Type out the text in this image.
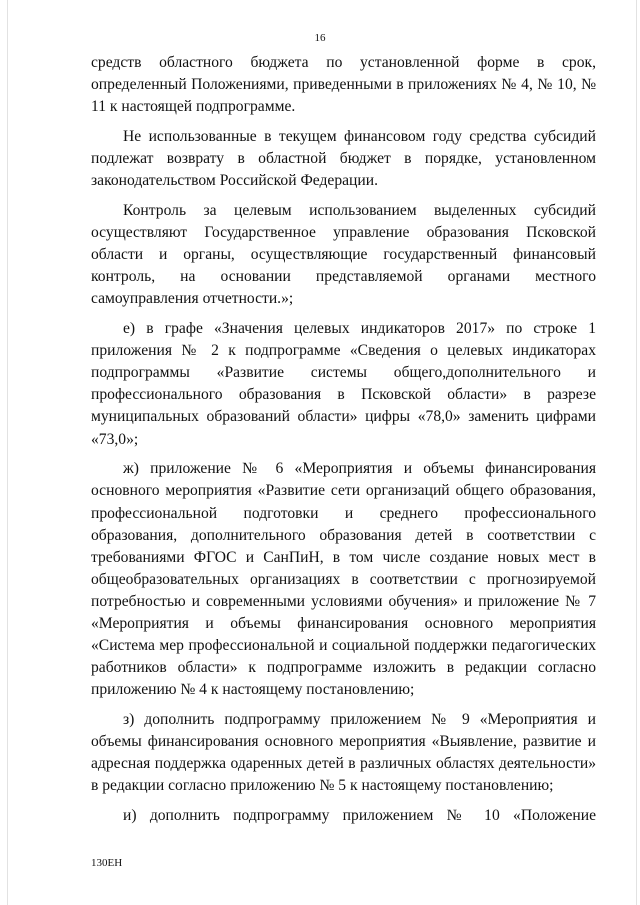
16

средств областного бюджета по установленной форме в срок, определенный Положениями, приведенными в приложениях № 4, № 10, № 11 к настоящей подпрограмме.

Не использованные в текущем финансовом году средства субсидий подлежат возврату в областной бюджет в порядке, установленном законодательством Российской Федерации.

Контроль за целевым использованием выделенных субсидий осуществляют Государственное управление образования Псковской области и органы, осуществляющие государственный финансовый контроль, на основании представляемой органами местного самоуправления отчетности.»;

е) в графе «Значения целевых индикаторов 2017» по строке 1 приложения № 2 к подпрограмме «Сведения о целевых индикаторах подпрограммы «Развитие системы общего,дополнительного и профессионального образования в Псковской области» в разрезе муниципальных образований области» цифры «78,0» заменить цифрами «73,0»;

ж) приложение № 6 «Мероприятия и объемы финансирования основного мероприятия «Развитие сети организаций общего образования, профессиональной подготовки и среднего профессионального образования, дополнительного образования детей в соответствии с требованиями ФГОС и СанПиН, в том числе создание новых мест в общеобразовательных организациях в соответствии с прогнозируемой потребностью и современными условиями обучения» и приложение № 7 «Мероприятия и объемы финансирования основного мероприятия «Система мер профессиональной и социальной поддержки педагогических работников области» к подпрограмме изложить в редакции согласно приложению № 4 к настоящему постановлению;

з) дополнить подпрограмму приложением № 9 «Мероприятия и объемы финансирования основного мероприятия «Выявление, развитие и адресная поддержка одаренных детей в различных областях деятельности» в редакции согласно приложению № 5 к настоящему постановлению;

и) дополнить подпрограмму приложением № 10 «Положение

130ЕН
